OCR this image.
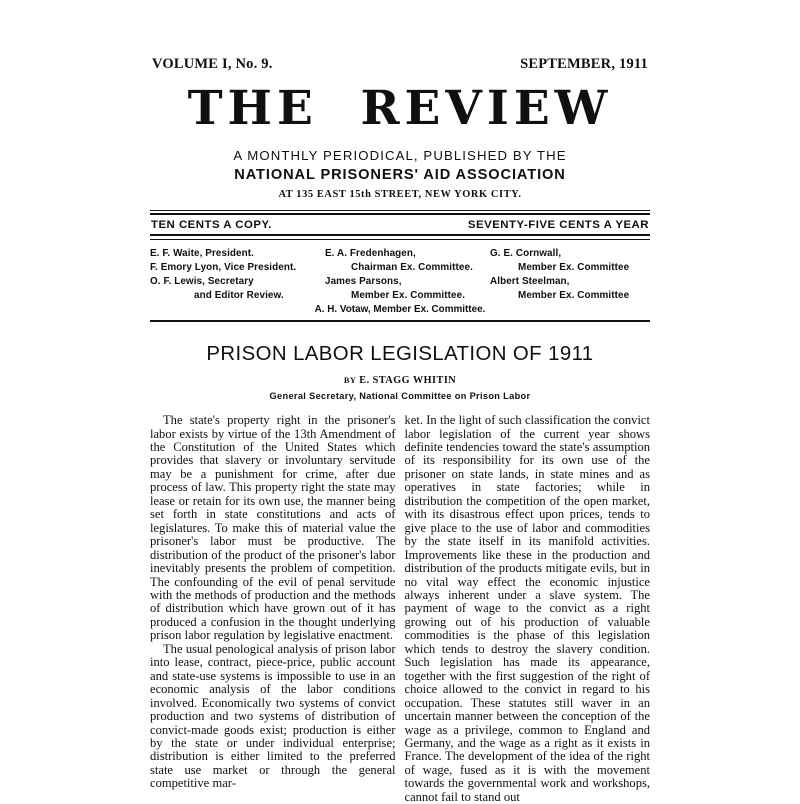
VOLUME I, No. 9.	SEPTEMBER, 1911
THE  REVIEW
A MONTHLY PERIODICAL, PUBLISHED BY THE
NATIONAL PRISONERS' AID ASSOCIATION
AT 135 EAST 15th STREET, NEW YORK CITY.
TEN CENTS A COPY.	SEVENTY-FIVE CENTS A YEAR
E. F. Waite, President.
F. Emory Lyon, Vice President.
O. F. Lewis, Secretary
and Editor Review.
E. A. Fredenhagen,
Chairman Ex. Committee.
James Parsons,
Member Ex. Committee.
G. E. Cornwall,
Member Ex. Committee
Albert Steelman,
Member Ex. Committee
A. H. Votaw, Member Ex. Committee.
PRISON LABOR LEGISLATION OF 1911
BY E. STAGG WHITIN
General Secretary, National Committee on Prison Labor

The state's property right in the prisoner's labor exists by virtue of the 13th Amendment of the Constitution of the United States which provides that slavery or involuntary servitude may be a punishment for crime, after due process of law. This property right the state may lease or retain for its own use, the manner being set forth in state constitutions and acts of legislatures. To make this of material value the prisoner's labor must be productive. The distribution of the product of the prisoner's labor inevitably presents the problem of competition. The confounding of the evil of penal servitude with the methods of production and the methods of distribution which have grown out of it has produced a confusion in the thought underlying prison labor regulation by legislative enactment.

The usual penological analysis of prison labor into lease, contract, piece-price, public account and state-use systems is impossible to use in an economic analysis of the labor conditions involved. Economically two systems of convict production and two systems of distribution of convict-made goods exist; production is either by the state or under individual enterprise; distribution is either limited to the preferred state use market or through the general competitive mar-

ket. In the light of such classification the convict labor legislation of the current year shows definite tendencies toward the state's assumption of its responsibility for its own use of the prisoner on state lands, in state mines and as operatives in state factories; while in distribution the competition of the open market, with its disastrous effect upon prices, tends to give place to the use of labor and commodities by the state itself in its manifold activities. Improvements like these in the production and distribution of the products mitigate evils, but in no vital way effect the economic injustice always inherent under a slave system. The payment of wage to the convict as a right growing out of his production of valuable commodities is the phase of this legislation which tends to destroy the slavery condition. Such legislation has made its appearance, together with the first suggestion of the right of choice allowed to the convict in regard to his occupation. These statutes still waver in an uncertain manner between the conception of the wage as a privilege, common to England and Germany, and the wage as a right as it exists in France. The development of the idea of the right of wage, fused as it is with the movement towards the governmental work and workshops, cannot fail to stand out
